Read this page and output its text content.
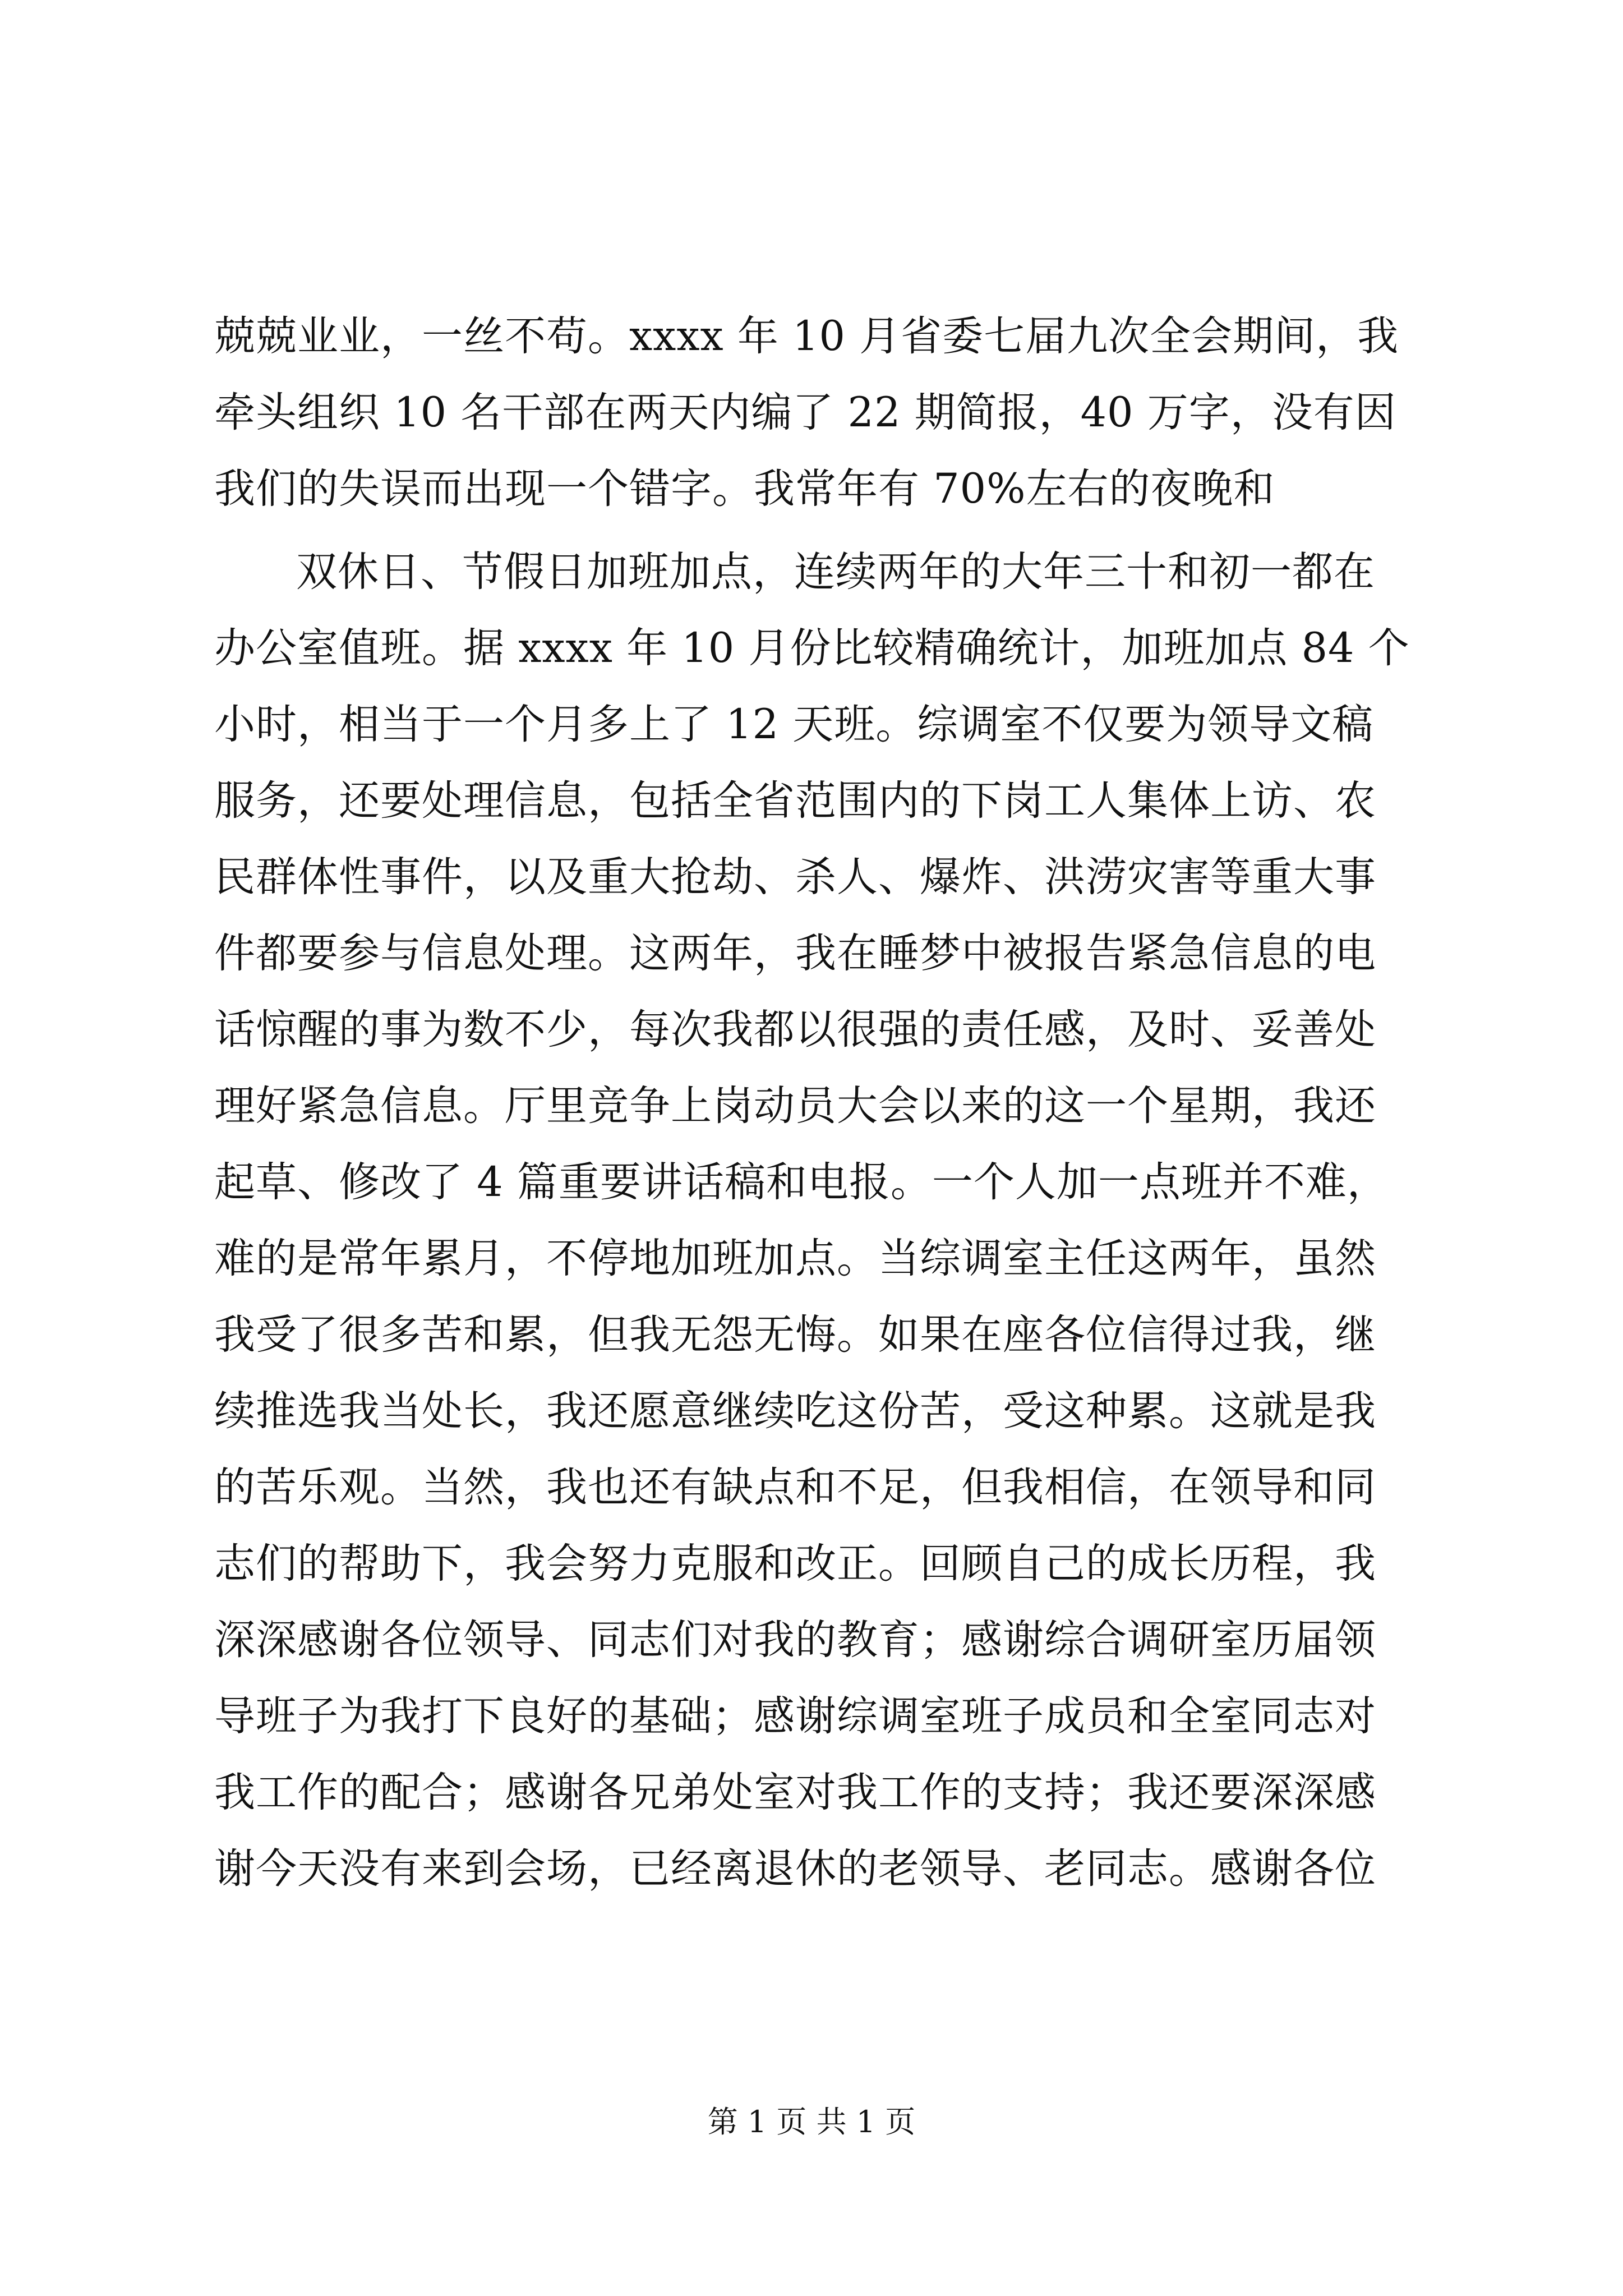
兢兢业业，一丝不苟。xxxx 年 10 月省委七届九次全会期间，我
牵头组织 10 名干部在两天内编了 22 期简报，40 万字，没有因
我们的失误而出现一个错字。我常年有 70%左右的夜晚和
双休日、节假日加班加点，连续两年的大年三十和初一都在
办公室值班。据 xxxx 年 10 月份比较精确统计，加班加点 84 个
小时，相当于一个月多上了 12 天班。综调室不仅要为领导文稿
服务，还要处理信息，包括全省范围内的下岗工人集体上访、农
民群体性事件，以及重大抢劫、杀人、爆炸、洪涝灾害等重大事
件都要参与信息处理。这两年，我在睡梦中被报告紧急信息的电
话惊醒的事为数不少，每次我都以很强的责任感，及时、妥善处
理好紧急信息。厅里竞争上岗动员大会以来的这一个星期，我还
起草、修改了 4 篇重要讲话稿和电报。一个人加一点班并不难，
难的是常年累月，不停地加班加点。当综调室主任这两年，虽然
我受了很多苦和累，但我无怨无悔。如果在座各位信得过我，继
续推选我当处长，我还愿意继续吃这份苦，受这种累。这就是我
的苦乐观。当然，我也还有缺点和不足，但我相信，在领导和同
志们的帮助下，我会努力克服和改正。回顾自己的成长历程，我
深深感谢各位领导、同志们对我的教育；感谢综合调研室历届领
导班子为我打下良好的基础；感谢综调室班子成员和全室同志对
我工作的配合；感谢各兄弟处室对我工作的支持；我还要深深感
谢今天没有来到会场，已经离退休的老领导、老同志。感谢各位
第 1 页 共 1 页
